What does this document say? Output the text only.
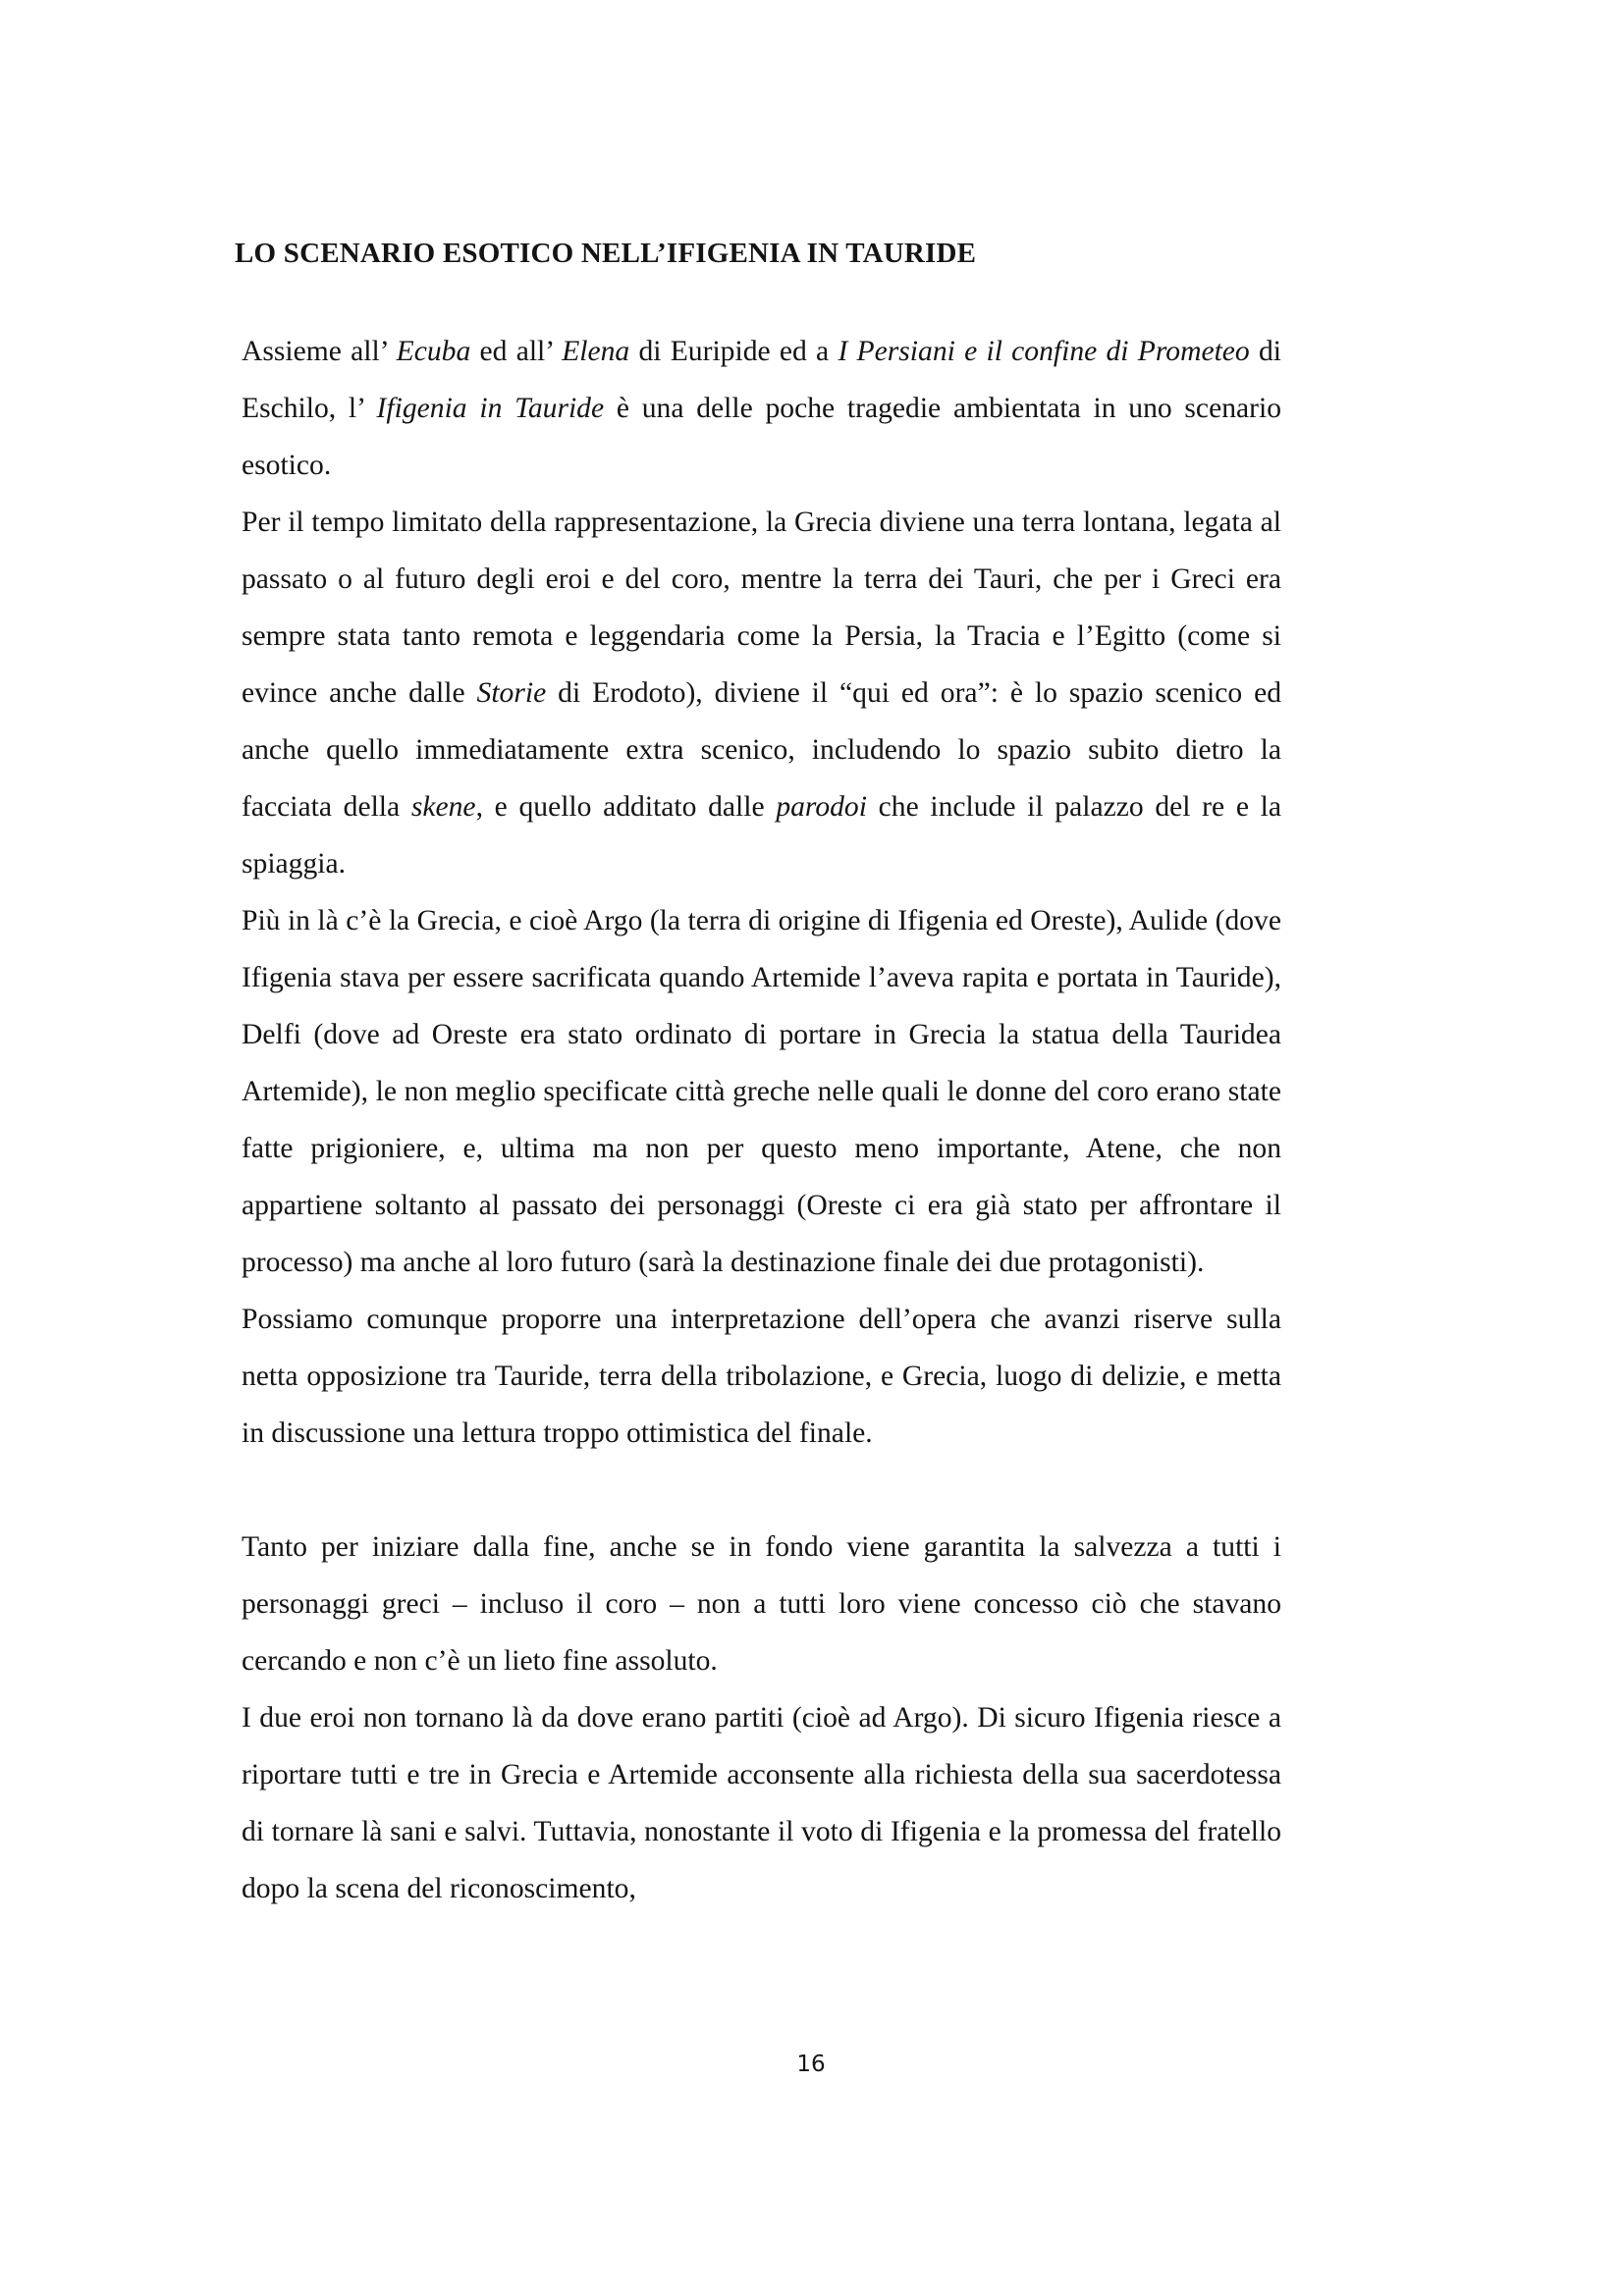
LO SCENARIO ESOTICO NELL’IFIGENIA IN TAURIDE

Assieme all’ Ecuba ed all’ Elena di Euripide ed a I Persiani e il confine di Prometeo di Eschilo, l’ Ifigenia in Tauride è una delle poche tragedie ambientata in uno scenario esotico.

Per il tempo limitato della rappresentazione, la Grecia diviene una terra lontana, legata al passato o al futuro degli eroi e del coro, mentre la terra dei Tauri, che per i Greci era sempre stata tanto remota e leggendaria come la Persia, la Tracia e l’Egitto (come si evince anche dalle Storie di Erodoto), diviene il “qui ed ora”: è lo spazio scenico ed anche quello immediatamente extra scenico, includendo lo spazio subito dietro la facciata della skene, e quello additato dalle parodoi che include il palazzo del re e la spiaggia.

Più in là c’è la Grecia, e cioè Argo (la terra di origine di Ifigenia ed Oreste), Aulide (dove Ifigenia stava per essere sacrificata quando Artemide l’aveva rapita e portata in Tauride), Delfi (dove ad Oreste era stato ordinato di portare in Grecia la statua della Tauridea Artemide), le non meglio specificate città greche nelle quali le donne del coro erano state fatte prigioniere, e, ultima ma non per questo meno importante, Atene, che non appartiene soltanto al passato dei personaggi (Oreste ci era già stato per affrontare il processo) ma anche al loro futuro (sarà la destinazione finale dei due protagonisti).

Possiamo comunque proporre una interpretazione dell’opera che avanzi riserve sulla netta opposizione tra Tauride, terra della tribolazione, e Grecia, luogo di delizie, e metta in discussione una lettura troppo ottimistica del finale.

Tanto per iniziare dalla fine, anche se in fondo viene garantita la salvezza a tutti i personaggi greci – incluso il coro – non a tutti loro viene concesso ciò che stavano cercando e non c’è un lieto fine assoluto.

I due eroi non tornano là da dove erano partiti (cioè ad Argo). Di sicuro Ifigenia riesce a riportare tutti e tre in Grecia e Artemide acconsente alla richiesta della sua sacerdotessa di tornare là sani e salvi. Tuttavia, nonostante il voto di Ifigenia e la promessa del fratello dopo la scena del riconoscimento,

16
